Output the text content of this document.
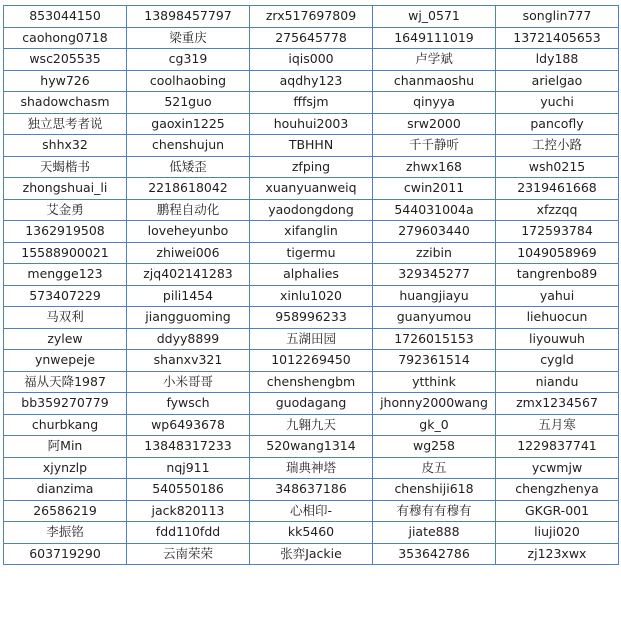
853044150	13898457797	zrx517697809	wj_0571	songlin777
caohong0718	梁重庆	275645778	1649111019	13721405653
wsc205535	cg319	iqis000	卢学斌	ldy188
hyw726	coolhaobing	aqdhy123	chanmaoshu	arielgao
shadowchasm	521guo	fffsjm	qinyya	yuchi
独立思考者说	gaoxin1225	houhui2003	srw2000	pancofly
shhx32	chenshujun	TBHHN	千千静听	工控小路
天蝎楷书	低矮歪	zfping	zhwx168	wsh0215
zhongshuai_li	2218618042	xuanyuanweiq	cwin2011	2319461668
艾金勇	鹏程自动化	yaodongdong	544031004a	xfzzqq
1362919508	loveheyunbo	xifanglin	279603440	172593784
15588900021	zhiwei006	tigermu	zzibin	1049058969
mengge123	zjq402141283	alphalies	329345277	tangrenbo89
573407229	pili1454	xinlu1020	huangjiayu	yahui
马双利	jiangguoming	958996233	guanyumou	liehuocun
zylew	ddyy8899	五湖田园	1726015153	liyouwuh
ynwepeje	shanxv321	1012269450	792361514	cygld
福从天降1987	小米哥哥	chenshengbm	ytthink	niandu
bb359270779	fywsch	guodagang	jhonny2000wang	zmx1234567
churbkang	wp6493678	九翱九天	gk_0	五月寒
阿Min	13848317233	520wang1314	wg258	1229837741
xjynzlp	nqj911	瑞典神塔	皮五	ycwmjw
dianzima	540550186	348637186	chenshiji618	chengzhenya
26586219	jack820113	心相印-	有穆有有穆有	GKGR-001
李振铭	fdd110fdd	kk5460	jiate888	liuji020
603719290	云南荣荣	张弈Jackie	353642786	zj123xwx
